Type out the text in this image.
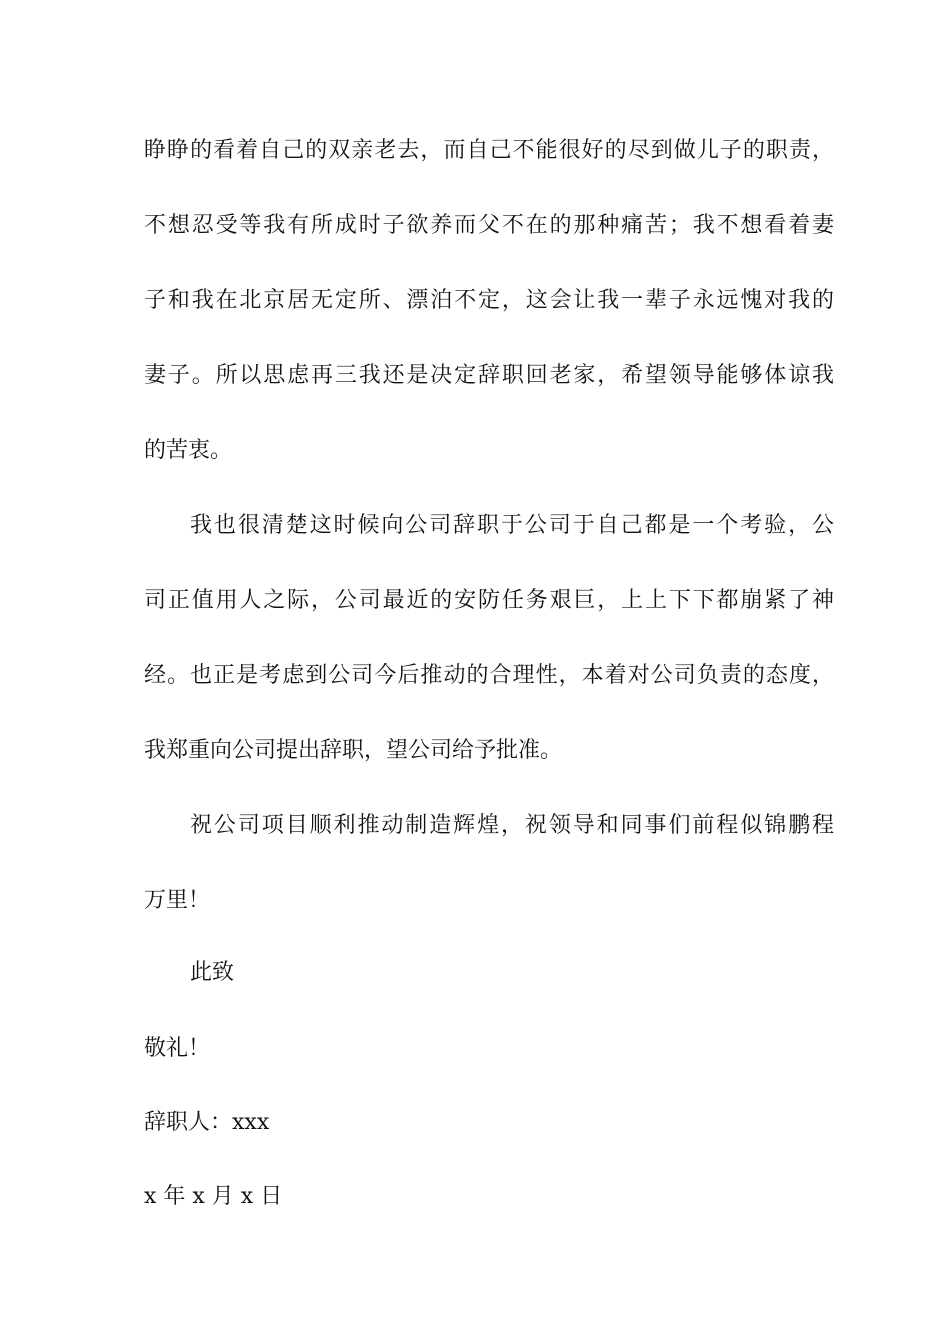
睁睁的看着自己的双亲老去，而自己不能很好的尽到做儿子的职责，
不想忍受等我有所成时子欲养而父不在的那种痛苦；我不想看着妻
子和我在北京居无定所、漂泊不定，这会让我一辈子永远愧对我的
妻子。所以思虑再三我还是决定辞职回老家，希望领导能够体谅我
的苦衷。
我也很清楚这时候向公司辞职于公司于自己都是一个考验，公
司正值用人之际，公司最近的安防任务艰巨，上上下下都崩紧了神
经。也正是考虑到公司今后推动的合理性，本着对公司负责的态度，
我郑重向公司提出辞职，望公司给予批准。
祝公司项目顺利推动制造辉煌，祝领导和同事们前程似锦鹏程
万里！
此致
敬礼！
辞职人：xxx
x 年 x 月 x 日
